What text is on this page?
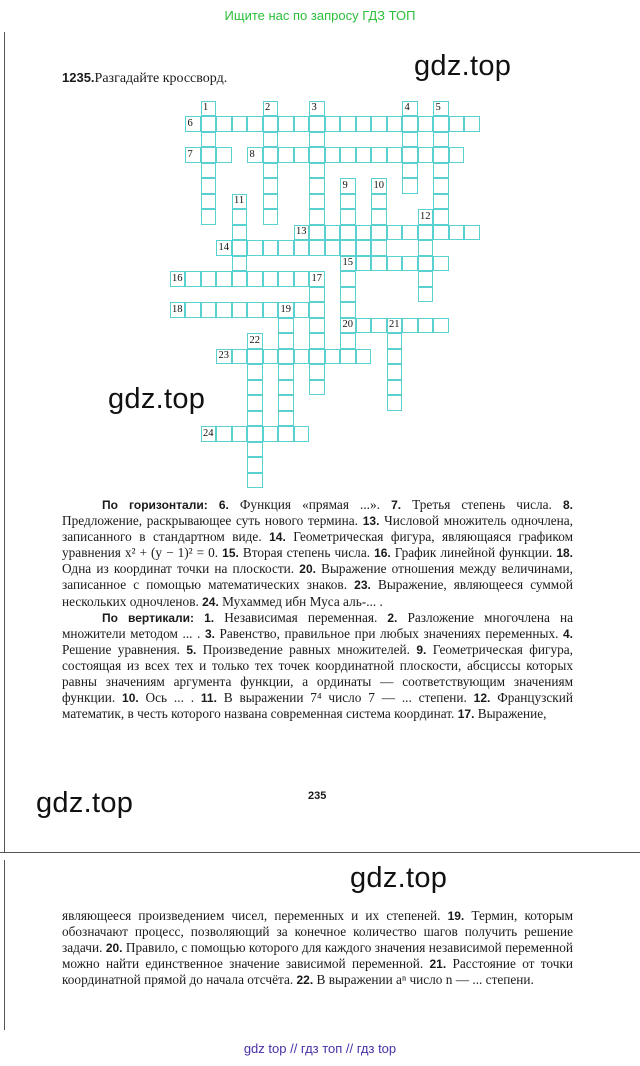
Ищите нас по запросу ГДЗ ТОП
1235.Разгадайте кроссворд.
1	2	3	4 5
6
7	8
9 10
11
12
13
14
15
16	17
18	19
20	21
22
23
24
gdz.top
gdz.top
gdz.top
gdz.top

По горизонтали: 6. Функция «прямая ...». 7. Третья степень числа. 8. Предложение, раскрывающее суть нового термина. 13. Числовой множитель одночлена, записанного в стандартном виде. 14. Геометрическая фигура, являющаяся графиком уравнения x² + (y − 1)² = 0. 15. Вторая степень числа. 16. График линейной функции. 18. Одна из координат точки на плоскости. 20. Выражение отношения между величинами, записанное с помощью математических знаков. 23. Выражение, являющееся суммой нескольких одночленов. 24. Мухаммед ибн Муса аль-... .

По вертикали: 1. Независимая переменная. 2. Разложение многочлена на множители методом ... . 3. Равенство, правильное при любых значениях переменных. 4. Решение уравнения. 5. Произведение равных множителей. 9. Геометрическая фигура, состоящая из всех тех и только тех точек координатной плоскости, абсциссы которых равны значениям аргумента функции, а ординаты — соответствующим значениям функции. 10. Ось ... . 11. В выражении 7⁴ число 7 — ... степени. 12. Французский математик, в честь которого названа современная система координат. 17. Выражение,

235

являющееся произведением чисел, переменных и их степеней. 19. Термин, которым обозначают процесс, позволяющий за конечное количество шагов получить решение задачи. 20. Правило, с помощью которого для каждого значения независимой переменной можно найти единственное значение зависимой переменной. 21. Расстояние от точки координатной прямой до начала отсчёта. 22. В выражении aⁿ число n — ... степени.

gdz top // гдз топ // гдз top
